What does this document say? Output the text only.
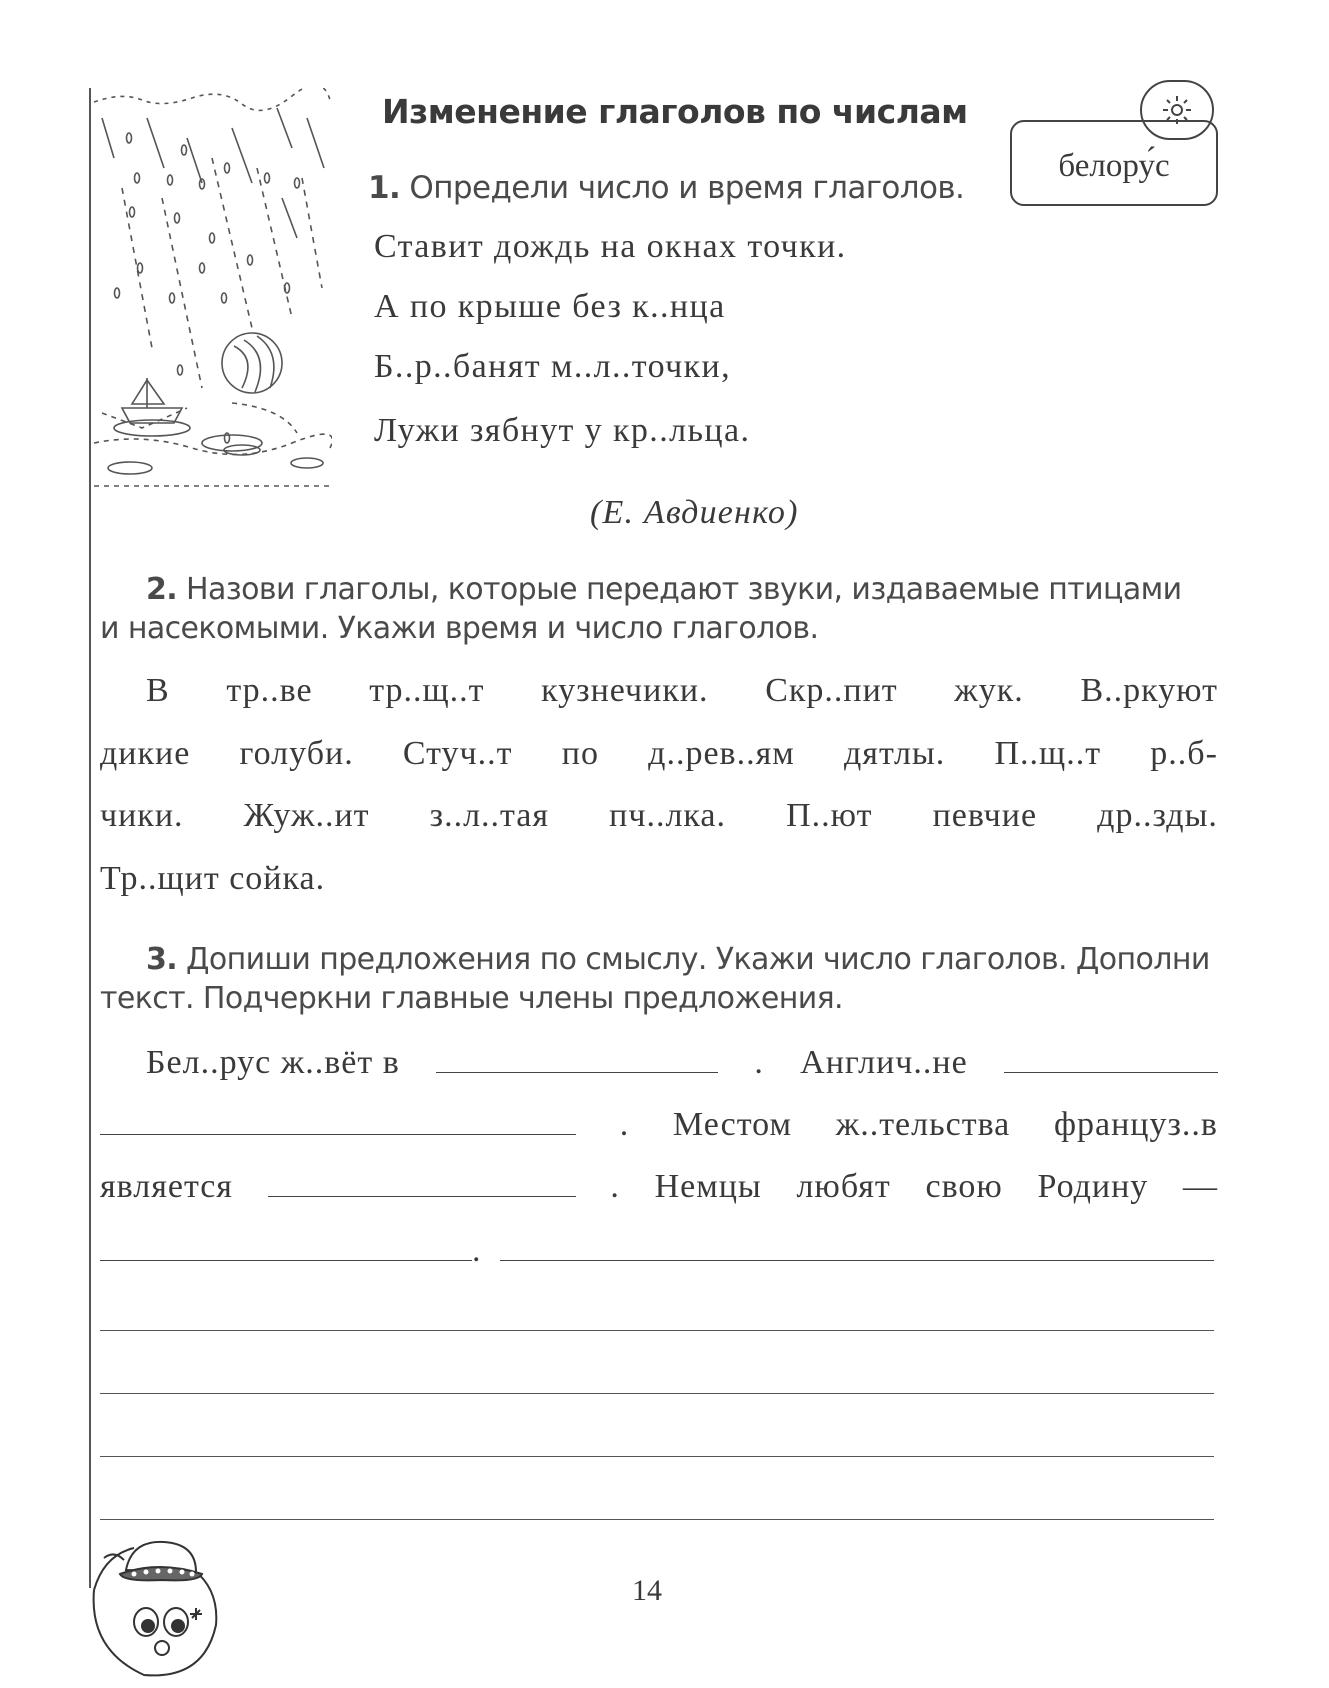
Изменение глаголов по числам
белору́с
1. Определи число и время глаголов.
Ставит дождь на окнах точки.
А по крыше без к..нца
Б..р..банят м..л..точки,
Лужи зябнут у кр..льца.
(Е. Авдиенко)
2. Назови глаголы, которые передают звуки, издаваемые птицами
и насекомыми. Укажи время и число глаголов.
В тр..ве тр..щ..т кузнечики. Скр..пит жук. В..ркуют
дикие голуби. Стуч..т по д..рев..ям дятлы. П..щ..т р..б-
чики. Жуж..ит з..л..тая пч..лка. П..ют певчие др..зды.
Тр..щит сойка.
3. Допиши предложения по смыслу. Укажи число глаголов. Дополни
текст. Подчеркни главные члены предложения.
Бел..рус ж..вёт в	. Англич..не
. Местом ж..тельства француз..в
является	. Немцы любят свою Родину —
.
14
